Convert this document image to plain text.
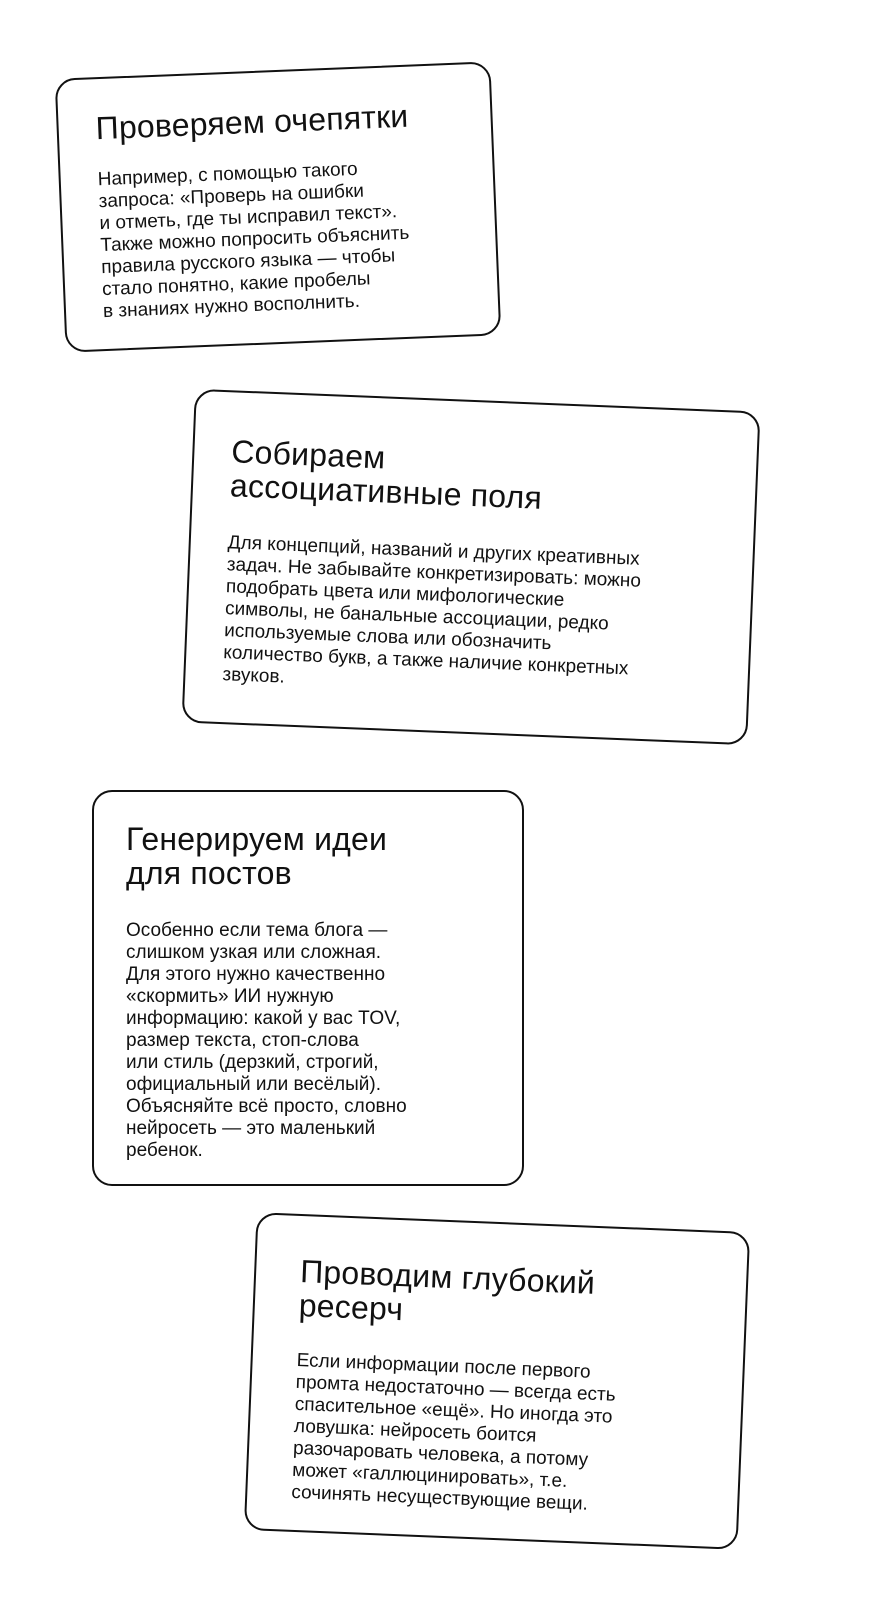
Проверяем очепятки

Например, с помощью такого
запроса: «Проверь на ошибки
и отметь, где ты исправил текст».
Также можно попросить объяснить
правила русского языка — чтобы
стало понятно, какие пробелы
в знаниях нужно восполнить.

Собираем
ассоциативные поля

Для концепций, названий и других креативных
задач. Не забывайте конкретизировать: можно
подобрать цвета или мифологические
символы, не банальные ассоциации, редко
используемые слова или обозначить
количество букв, а также наличие конкретных
звуков.

Генерируем идеи
для постов

Особенно если тема блога —
слишком узкая или сложная.
Для этого нужно качественно
«скормить» ИИ нужную
информацию: какой у вас TOV,
размер текста, стоп-слова
или стиль (дерзкий, строгий,
официальный или весёлый).
Объясняйте всё просто, словно
нейросеть — это маленький
ребенок.

Проводим глубокий
ресерч

Если информации после первого
промта недостаточно — всегда есть
спасительное «ещё». Но иногда это
ловушка: нейросеть боится
разочаровать человека, а потому
может «галлюцинировать», т.е.
сочинять несуществующие вещи.
